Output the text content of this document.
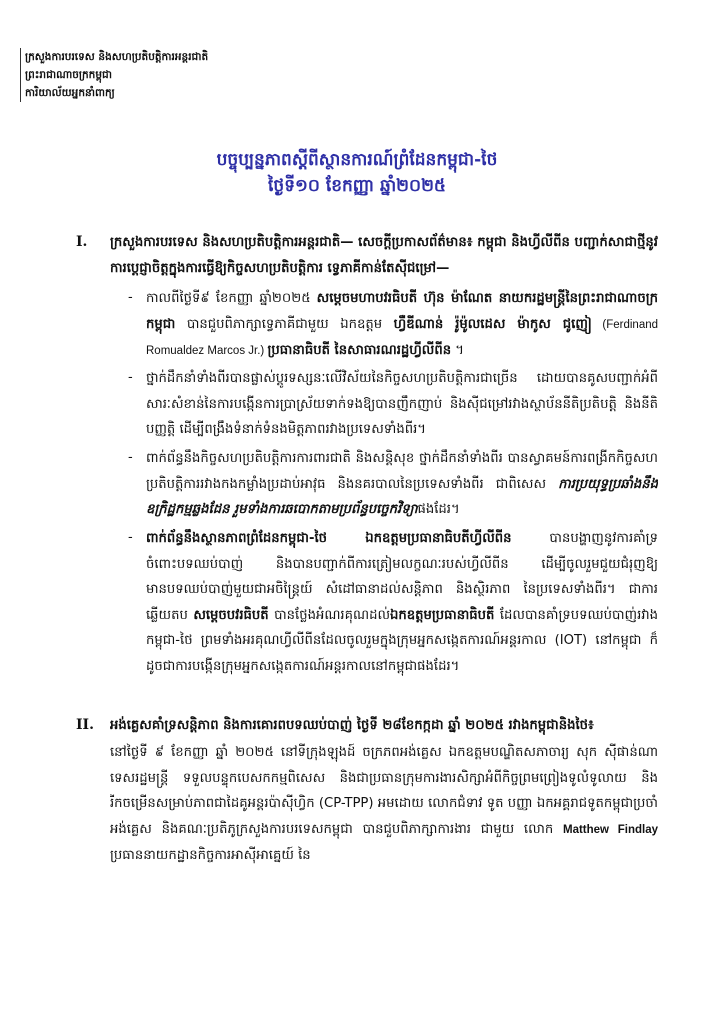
ក្រសួងការបរទេស និងសហប្រតិបត្តិការអន្តរជាតិ
ព្រះរាជាណាចក្រកម្ពុជា
ការិយាល័យអ្នកនាំពាក្យ
បច្ចុប្បន្នភាពស្តីពីស្ថានការណ៍ព្រំដែនកម្ពុជា-ថៃ
ថ្ងៃទី១០ ខែកញ្ញា ឆ្នាំ២០២៥
I. ក្រសួងការបរទេស និងសហប្រតិបត្តិការអន្តរជាតិ— សេចក្តីប្រកាសព័ត៌មាន៖ កម្ពុជា និងហ្វីលីពីន បញ្ជាក់សាជាថ្មីនូវការប្តេជ្ញាចិត្តក្នុងការធ្វើឱ្យកិច្ចសហប្រតិបត្តិការ ទ្វេភាគីកាន់តែស៊ីជម្រៅ—
- កាលពីថ្ងៃទី៩ ខែកញ្ញា ឆ្នាំ២០២៥ សម្តេចមហាបវរធិបតី ហ៊ុន ម៉ាណែត នាយករដ្ឋមន្ត្រីនៃព្រះរាជាណាចក្រកម្ពុជា បានជួបពិភាក្សាទ្វេភាគីជាមួយ ឯកឧត្តម ហ្វឺឌីណាន់ រ៉ូម៉ូលដេស ម៉ាកូស ជូញៀ (Ferdinand Romualdez Marcos Jr.) ប្រធានាធិបតី នៃសាធារណរដ្ឋហ្វីលីពីន ។
- ថ្នាក់ដឹកនាំទាំងពីរបានផ្លាស់ប្តូរទស្សនៈលើវិស័យនៃកិច្ចសហប្រតិបត្តិការជាច្រើន ដោយបានគូសបញ្ជាក់អំពីសារៈសំខាន់នៃការបង្កើនការប្រាស្រ័យទាក់ទងឱ្យបានញឹកញាប់ និងស៊ីជម្រៅរវាងស្ថាប័ននីតិប្រតិបត្តិ និងនីតិបញ្ញត្តិ ដើម្បីពង្រឹងទំនាក់ទំនងមិត្តភាពរវាងប្រទេសទាំងពីរ។
- ពាក់ព័ន្ធនឹងកិច្ចសហប្រតិបត្តិការការពារជាតិ និងសន្តិសុខ ថ្នាក់ដឹកនាំទាំងពីរ បានស្វាគមន៍ការពង្រីកកិច្ចសហប្រតិបត្តិការរវាងកងកម្លាំងប្រដាប់អាវុធ និងនគរបាលនៃប្រទេសទាំងពីរ ជាពិសេស ការប្រយុទ្ធប្រឆាំងនឹងឧក្រិដ្ឋកម្មឆ្លងដែន រួមទាំងការឆបោកតាមប្រព័ន្ធបច្ចេកវិទ្យាផងដែរ។
- ពាក់ព័ន្ធនឹងស្ថានភាពព្រំដែនកម្ពុជា-ថៃ ឯកឧត្តមប្រធានាធិបតីហ្វីលីពីន បានបង្ហាញនូវការគាំទ្រចំពោះបទឈប់បាញ់ និងបានបញ្ជាក់ពីការត្រៀមលក្ខណៈរបស់ហ្វីលីពីន ដើម្បីចូលរួមជួយជំរុញឱ្យមានបទឈប់បាញ់មួយជាអចិន្ត្រៃយ៍ សំដៅធានាដល់សន្តិភាព និងស្ថិរភាព នៃប្រទេសទាំងពីរ។ ជាការឆ្លើយតប សម្តេចបវរធិបតី បានថ្លែងអំណរគុណដល់ឯកឧត្តមប្រធានាធិបតី ដែលបានគាំទ្របទឈប់បាញ់រវាងកម្ពុជា-ថៃ ព្រមទាំងអរគុណហ្វីលីពីនដែលចូលរួមក្នុងក្រុមអ្នកសង្កេតការណ៍អន្តរកាល (IOT) នៅកម្ពុជា ក៏ដូចជាការបង្កើនក្រុមអ្នកសង្កេតការណ៍អន្តរកាលនៅកម្ពុជាផងដែរ។
II. អង់គ្លេសគាំទ្រសន្តិភាព និងការគោរពបទឈប់បាញ់ ថ្ងៃទី ២៨ខែកក្កដា ឆ្នាំ ២០២៥ រវាងកម្ពុជានិងថៃ៖
នៅថ្ងៃទី ៩ ខែកញ្ញា ឆ្នាំ ២០២៥ នៅទីក្រុងឡុងដ៍ ចក្រភពអង់គ្លេស ឯកឧត្តមបណ្ឌិតសភាចារ្យ សុក ស៊ីផាន់ណា ទេសរដ្ឋមន្ត្រី ទទួលបន្ទុកបេសកកម្មពិសេស និងជាប្រធានក្រុមការងារសិក្សាអំពីកិច្ចព្រមព្រៀងទូលំទូលាយ និងរីកចម្រើនសម្រាប់ភាពជាដៃគូអន្តរប៉ាស៊ីហ្វិក (CP-TPP) អមដោយ លោកជំទាវ ទូត បញ្ញា ឯកអគ្គរាជទូតកម្ពុជាប្រចាំអង់គ្លេស និងគណៈប្រតិភូក្រសួងការបរទេសកម្ពុជា បានជួបពិភាក្សាការងារ ជាមួយ លោក Matthew Findlay ប្រធាននាយកដ្ឋានកិច្ចការអាស៊ីអាគ្នេយ៍ នៃ
